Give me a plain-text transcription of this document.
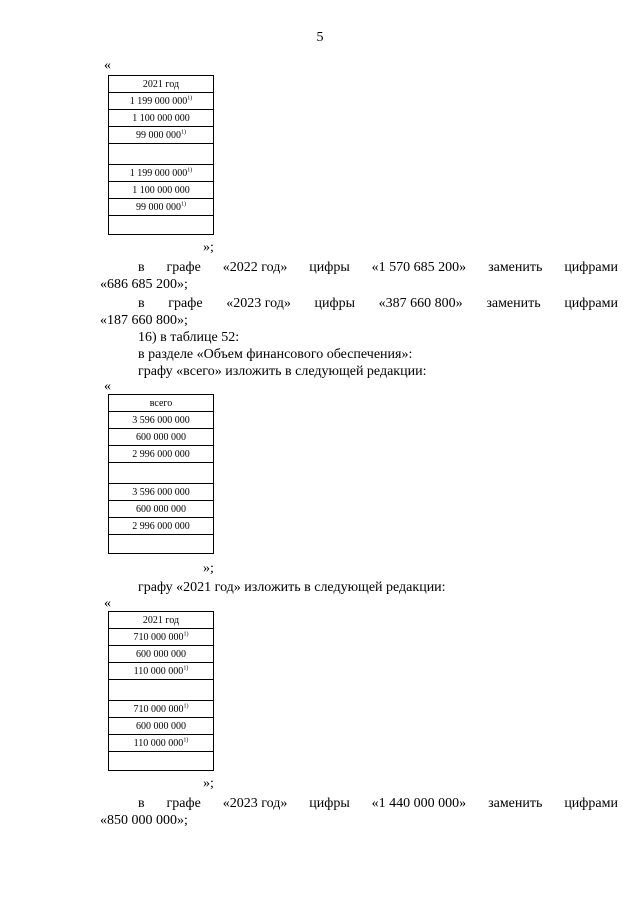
5
«
2021 год
1 199 000 000$^{1)}$
1 100 000 000
99 000 000$^{1)}$

1 199 000 000$^{1)}$
1 100 000 000
99 000 000$^{1)}$

»;
в графе «2022 год» цифры «1 570 685 200» заменить цифрами
«686 685 200»;
в графе «2023 год» цифры «387 660 800» заменить цифрами
«187 660 800»;
16) в таблице 52:
в разделе «Объем финансового обеспечения»:
графу «всего» изложить в следующей редакции:
«
всего
3 596 000 000
600 000 000
2 996 000 000

3 596 000 000
600 000 000
2 996 000 000

»;
графу «2021 год» изложить в следующей редакции:
«
2021 год
710 000 000$^{1)}$
600 000 000
110 000 000$^{1)}$

710 000 000$^{1)}$
600 000 000
110 000 000$^{1)}$

»;
в графе «2023 год» цифры «1 440 000 000» заменить цифрами
«850 000 000»;
